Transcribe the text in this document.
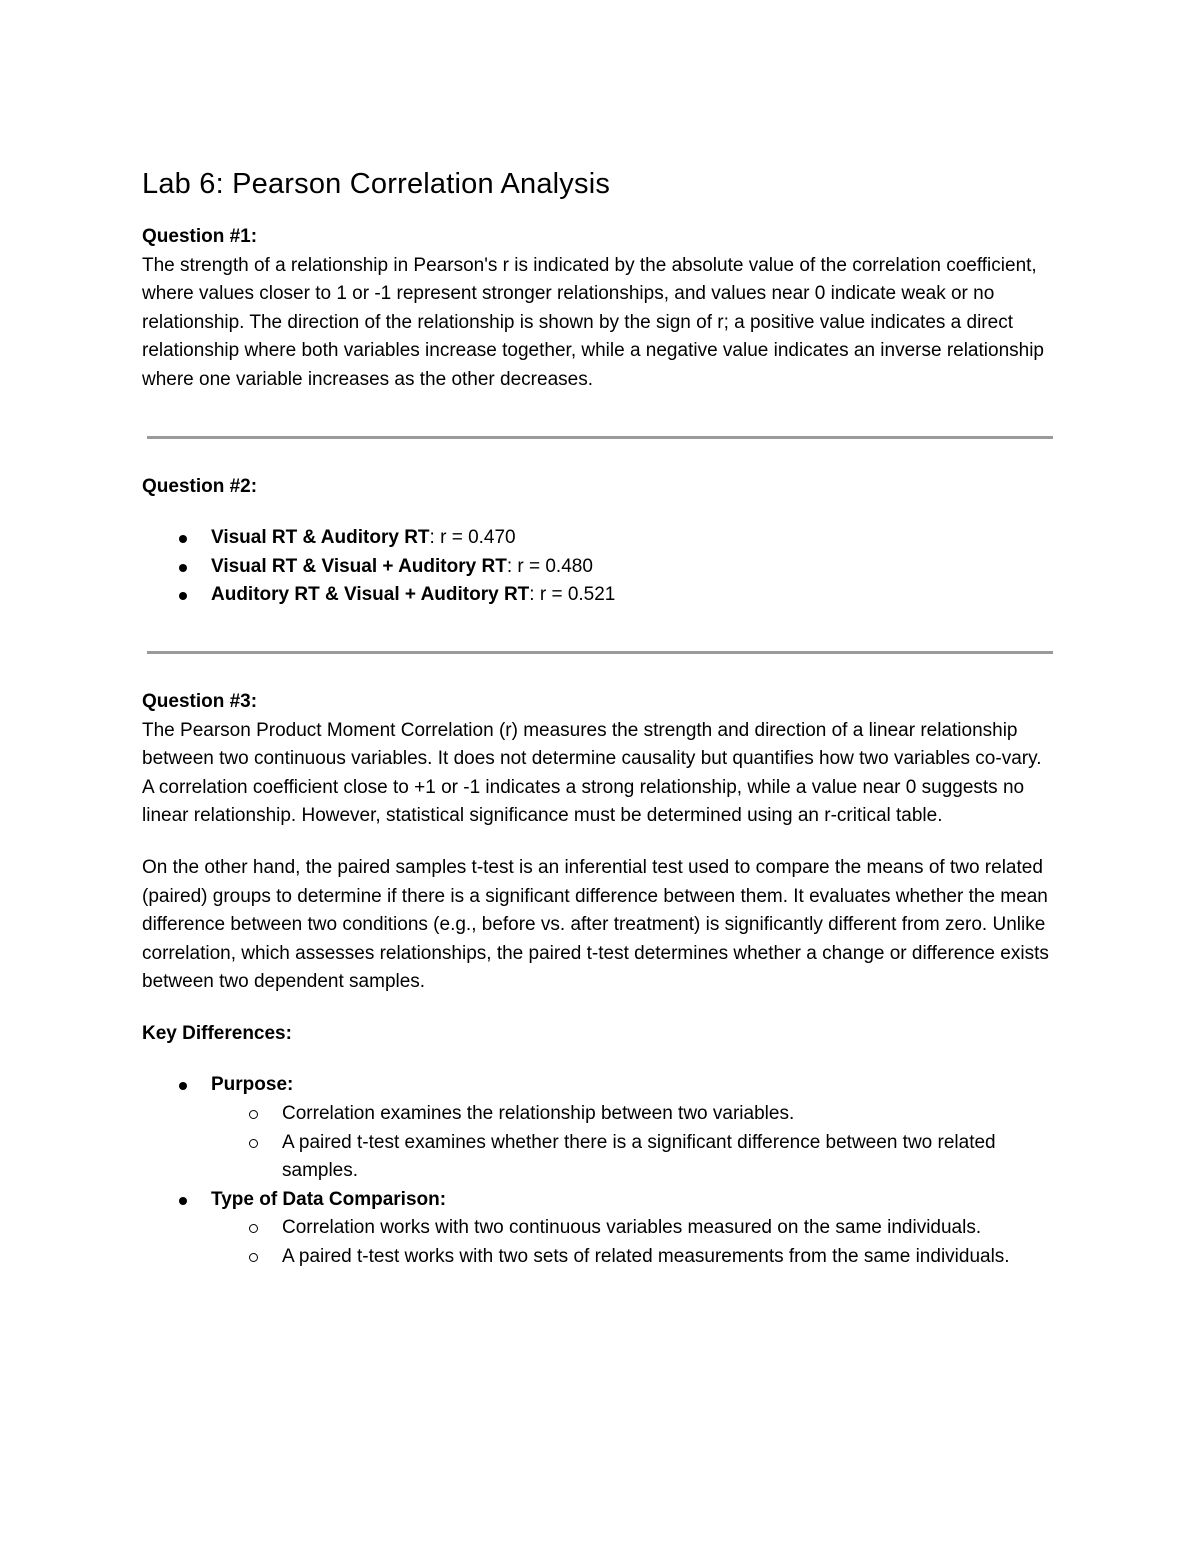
Lab 6: Pearson Correlation Analysis

Question #1:

The strength of a relationship in Pearson's r is indicated by the absolute value of the correlation coefficient, where values closer to 1 or -1 represent stronger relationships, and values near 0 indicate weak or no relationship. The direction of the relationship is shown by the sign of r; a positive value indicates a direct relationship where both variables increase together, while a negative value indicates an inverse relationship where one variable increases as the other decreases.

Question #2:

Visual RT & Auditory RT: r = 0.470
Visual RT & Visual + Auditory RT: r = 0.480
Auditory RT & Visual + Auditory RT: r = 0.521

Question #3:

The Pearson Product Moment Correlation (r) measures the strength and direction of a linear relationship between two continuous variables. It does not determine causality but quantifies how two variables co-vary. A correlation coefficient close to +1 or -1 indicates a strong relationship, while a value near 0 suggests no linear relationship. However, statistical significance must be determined using an r-critical table.

On the other hand, the paired samples t-test is an inferential test used to compare the means of two related (paired) groups to determine if there is a significant difference between them. It evaluates whether the mean difference between two conditions (e.g., before vs. after treatment) is significantly different from zero. Unlike correlation, which assesses relationships, the paired t-test determines whether a change or difference exists between two dependent samples.

Key Differences:

Purpose:
Correlation examines the relationship between two variables.
A paired t-test examines whether there is a significant difference between two related samples.
Type of Data Comparison:
Correlation works with two continuous variables measured on the same individuals.
A paired t-test works with two sets of related measurements from the same individuals.
